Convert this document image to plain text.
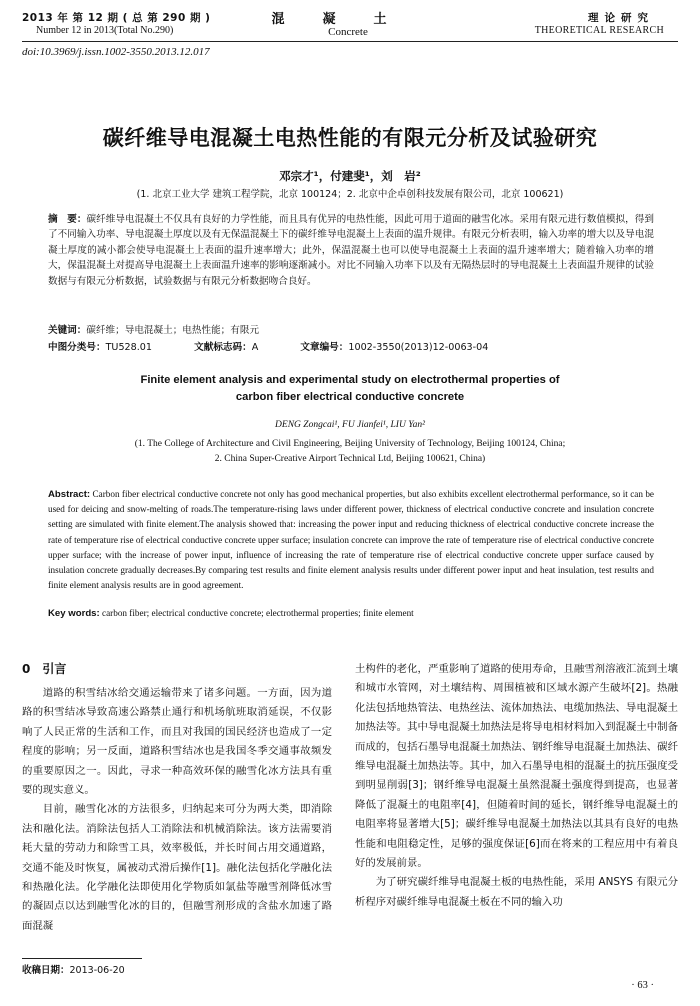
2013 年 第 12 期 ( 总 第 290 期 )
Number 12 in 2013(Total No.290)
混凝土
Concrete
理论研究
THEORETICAL RESEARCH
doi:10.3969/j.issn.1002-3550.2013.12.017
碳纤维导电混凝土电热性能的有限元分析及试验研究
邓宗才¹，付建斐¹，刘　岩²
(1. 北京工业大学 建筑工程学院，北京 100124；2. 北京中企卓创科技发展有限公司，北京 100621)
摘　要：碳纤维导电混凝土不仅具有良好的力学性能，而且具有优异的电热性能，因此可用于道面的融雪化冰。采用有限元进行数值模拟，得到了不同输入功率、导电混凝土厚度以及有无保温混凝土下的碳纤维导电混凝土上表面的温升规律。有限元分析表明，输入功率的增大以及导电混凝土厚度的减小都会使导电混凝土上表面的温升速率增大；此外，保温混凝土也可以使导电混凝土上表面的温升速率增大；随着输入功率的增大，保温混凝土对提高导电混凝土上表面温升速率的影响逐渐减小。对比不同输入功率下以及有无隔热层时的导电混凝土上表面温升规律的试验数据与有限元分析数据，试验数据与有限元分析数据吻合良好。
关键词：碳纤维；导电混凝土；电热性能；有限元
中图分类号：TU528.01	文献标志码：A	文章编号：1002-3550(2013)12-0063-04
Finite element analysis and experimental study on electrothermal properties of
carbon fiber electrical conductive concrete
DENG Zongcai¹, FU Jianfei¹, LIU Yan²
(1. The College of Architecture and Civil Engineering, Beijing University of Technology, Beijing 100124, China;
2. China Super-Creative Airport Technical Ltd, Beijing 100621, China)
Abstract: Carbon fiber electrical conductive concrete not only has good mechanical properties, but also exhibits excellent electrothermal performance, so it can be used for deicing and snow-melting of roads.The temperature-rising laws under different power, thickness of electrical conductive concrete and insulation concrete setting are simulated with finite element.The analysis showed that: increasing the power input and reducing thickness of electrical conductive concrete increase the rate of temperature rise of electrical conductive concrete upper surface; insulation concrete can improve the rate of temperature rise of electrical conductive concrete upper surface; with the increase of power input, influence of increasing the rate of temperature rise of electrical conductive concrete upper surface caused by insulation concrete gradually decreases.By comparing test results and finite element analysis results under different power input and heat insulation, test results and finite element analysis results are in good agreement.
Key words: carbon fiber; electrical conductive concrete; electrothermal properties; finite element
0　引言

道路的积雪结冰给交通运输带来了诸多问题。一方面，因为道路的积雪结冰导致高速公路禁止通行和机场航班取消延误，不仅影响了人民正常的生活和工作，而且对我国的国民经济也造成了一定程度的影响；另一反面，道路积雪结冰也是我国冬季交通事故频发的重要原因之一。因此，寻求一种高效环保的融雪化冰方法具有重要的现实意义。

目前，融雪化冰的方法很多，归纳起来可分为两大类，即消除法和融化法。消除法包括人工消除法和机械消除法。该方法需要消耗大量的劳动力和除雪工具，效率极低，并长时间占用交通道路，交通不能及时恢复，属被动式滑后操作[1]。融化法包括化学融化法和热融化法。化学融化法即使用化学物质如氯盐等融雪剂降低冰雪的凝固点以达到融雪化冰的目的，但融雪剂形成的含盐水加速了路面混凝

土构件的老化，严重影响了道路的使用寿命，且融雪剂溶液汇流到土壤和城市水管网，对土壤结构、周围植被和区域水源产生破坏[2]。热融化法包括地热管法、电热丝法、流体加热法、电缆加热法、导电混凝土加热法等。其中导电混凝土加热法是将导电相材料加入到混凝土中制备而成的，包括石墨导电混凝土加热法、钢纤维导电混凝土加热法、碳纤维导电混凝土加热法等。其中，加入石墨导电相的混凝土的抗压强度受到明显削弱[3]；钢纤维导电混凝土虽然混凝土强度得到提高，也显著降低了混凝土的电阻率[4]，但随着时间的延长，钢纤维导电混凝土的电阻率将显著增大[5]；碳纤维导电混凝土加热法以其具有良好的电热性能和电阻稳定性，足够的强度保证[6]而在将来的工程应用中有着良好的发展前景。

为了研究碳纤维导电混凝土板的电热性能，采用 ANSYS 有限元分析程序对碳纤维导电混凝土板在不同的输入功

收稿日期：2013-06-20
· 63 ·
